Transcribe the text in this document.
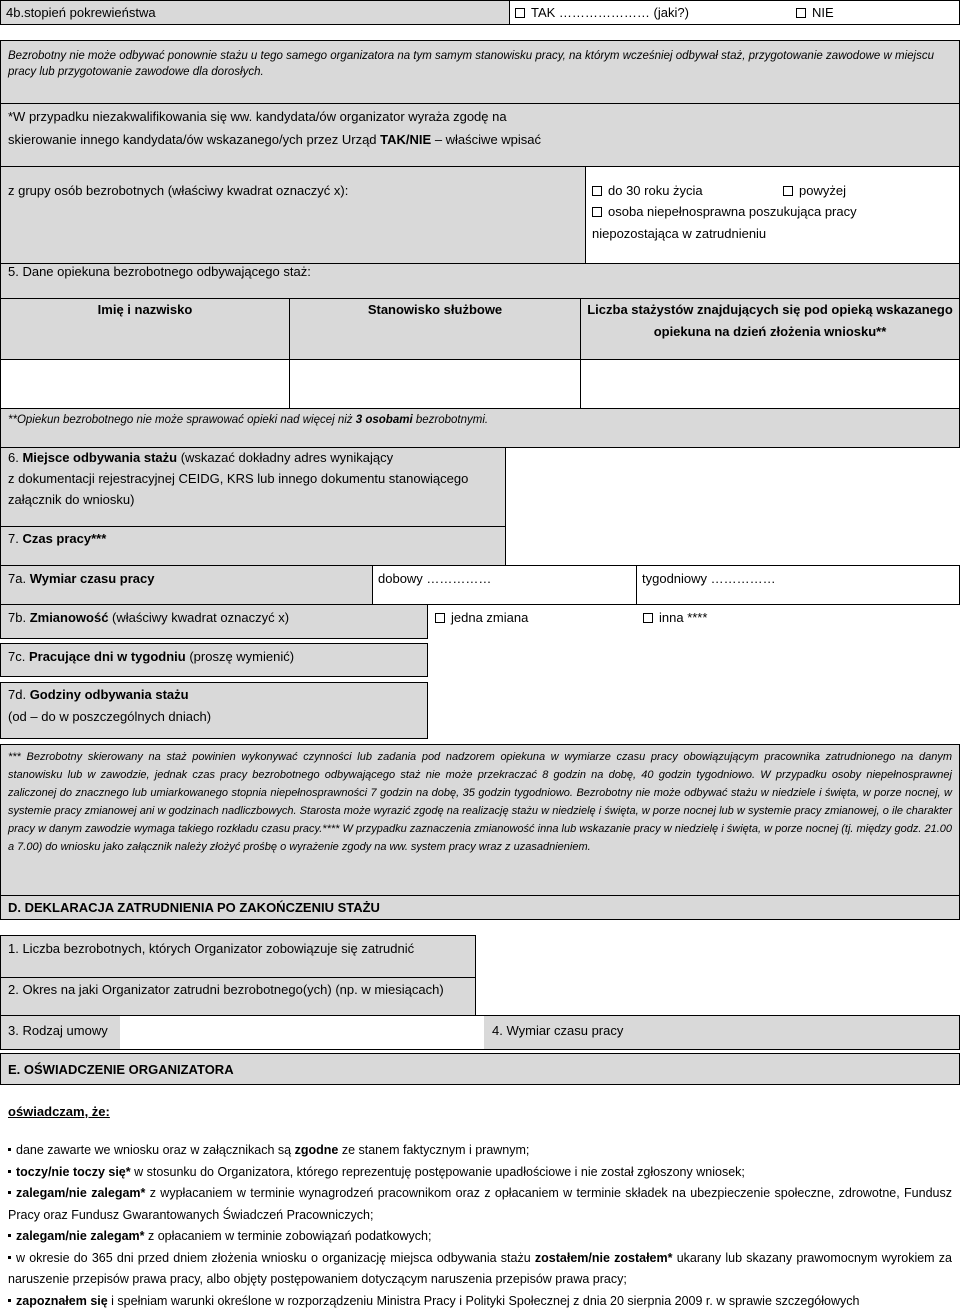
4b.stopień pokrewieństwa	TAK ………………… (jaki?)	NIE
Bezrobotny nie może odbywać ponownie stażu u tego samego organizatora na tym samym stanowisku pracy, na którym wcześniej odbywał staż, przygotowanie zawodowe w miejscu pracy lub przygotowanie zawodowe dla dorosłych.
*W przypadku niezakwalifikowania się ww. kandydata/ów organizator wyraża zgodę na
skierowanie innego kandydata/ów wskazanego/ych przez Urząd TAK/NIE – właściwe wpisać
z grupy osób bezrobotnych (właściwy kwadrat oznaczyć x):	do 30 roku życia	powyżej
osoba niepełnosprawna poszukująca pracy
niepozostająca w zatrudnieniu
5. Dane opiekuna bezrobotnego odbywającego staż:
Imię i nazwisko	Stanowisko służbowe	Liczba stażystów znajdujących się pod opieką wskazanego
opiekuna na dzień złożenia wniosku**
**Opiekun bezrobotnego nie może sprawować opieki nad więcej niż 3 osobami bezrobotnymi.
6. Miejsce odbywania stażu (wskazać dokładny adres wynikający
z dokumentacji rejestracyjnej CEIDG, KRS lub innego dokumentu stanowiącego
załącznik do wniosku)
7. Czas pracy***
7a. Wymiar czasu pracy	dobowy ……………	tygodniowy ……………
7b. Zmianowość (właściwy kwadrat oznaczyć x)	jedna zmiana	inna ****
7c. Pracujące dni w tygodniu (proszę wymienić)
7d. Godziny odbywania stażu
(od – do w poszczególnych dniach)
*** Bezrobotny skierowany na staż powinien wykonywać czynności lub zadania pod nadzorem opiekuna w wymiarze czasu pracy obowiązującym pracownika zatrudnionego na danym stanowisku lub w zawodzie, jednak czas pracy bezrobotnego odbywającego staż nie może przekraczać 8 godzin na dobę, 40 godzin tygodniowo. W przypadku osoby niepełnosprawnej zaliczonej do znacznego lub umiarkowanego stopnia niepełnosprawności 7 godzin na dobę, 35 godzin tygodniowo. Bezrobotny nie może odbywać stażu w niedziele i święta, w porze nocnej, w systemie pracy zmianowej ani w godzinach nadliczbowych. Starosta może wyrazić zgodę na realizację stażu w niedzielę i święta, w porze nocnej lub w systemie pracy zmianowej, o ile charakter pracy w danym zawodzie wymaga takiego rozkładu czasu pracy.**** W przypadku zaznaczenia zmianowość inna lub wskazanie pracy w niedzielę i święta, w porze nocnej (tj. między godz. 21.00 a 7.00) do wniosku jako załącznik należy złożyć prośbę o wyrażenie zgody na ww. system pracy wraz z uzasadnieniem.
D. DEKLARACJA ZATRUDNIENIA PO ZAKOŃCZENIU STAŻU
1. Liczba bezrobotnych, których Organizator zobowiązuje się zatrudnić
2. Okres na jaki Organizator zatrudni bezrobotnego(ych) (np. w miesiącach)
3. Rodzaj umowy	4. Wymiar czasu pracy
E. OŚWIADCZENIE ORGANIZATORA
oświadczam, że:
dane zawarte we wniosku oraz w załącznikach są zgodne ze stanem faktycznym i prawnym;
toczy/nie toczy się* w stosunku do Organizatora, którego reprezentuję postępowanie upadłościowe i nie został zgłoszony wniosek;
zalegam/nie zalegam* z wypłacaniem w terminie wynagrodzeń pracownikom oraz z opłacaniem w terminie składek na ubezpieczenie społeczne, zdrowotne, Fundusz Pracy oraz Fundusz Gwarantowanych Świadczeń Pracowniczych;
zalegam/nie zalegam* z opłacaniem w terminie zobowiązań podatkowych;
w okresie do 365 dni przed dniem złożenia wniosku o organizację miejsca odbywania stażu zostałem/nie zostałem* ukarany lub skazany prawomocnym wyrokiem za naruszenie przepisów prawa pracy, albo objęty postępowaniem dotyczącym naruszenia przepisów prawa pracy;
zapoznałem się i spełniam warunki określone w rozporządzeniu Ministra Pracy i Polityki Społecznej z dnia 20 sierpnia 2009 r. w sprawie szczegółowych
